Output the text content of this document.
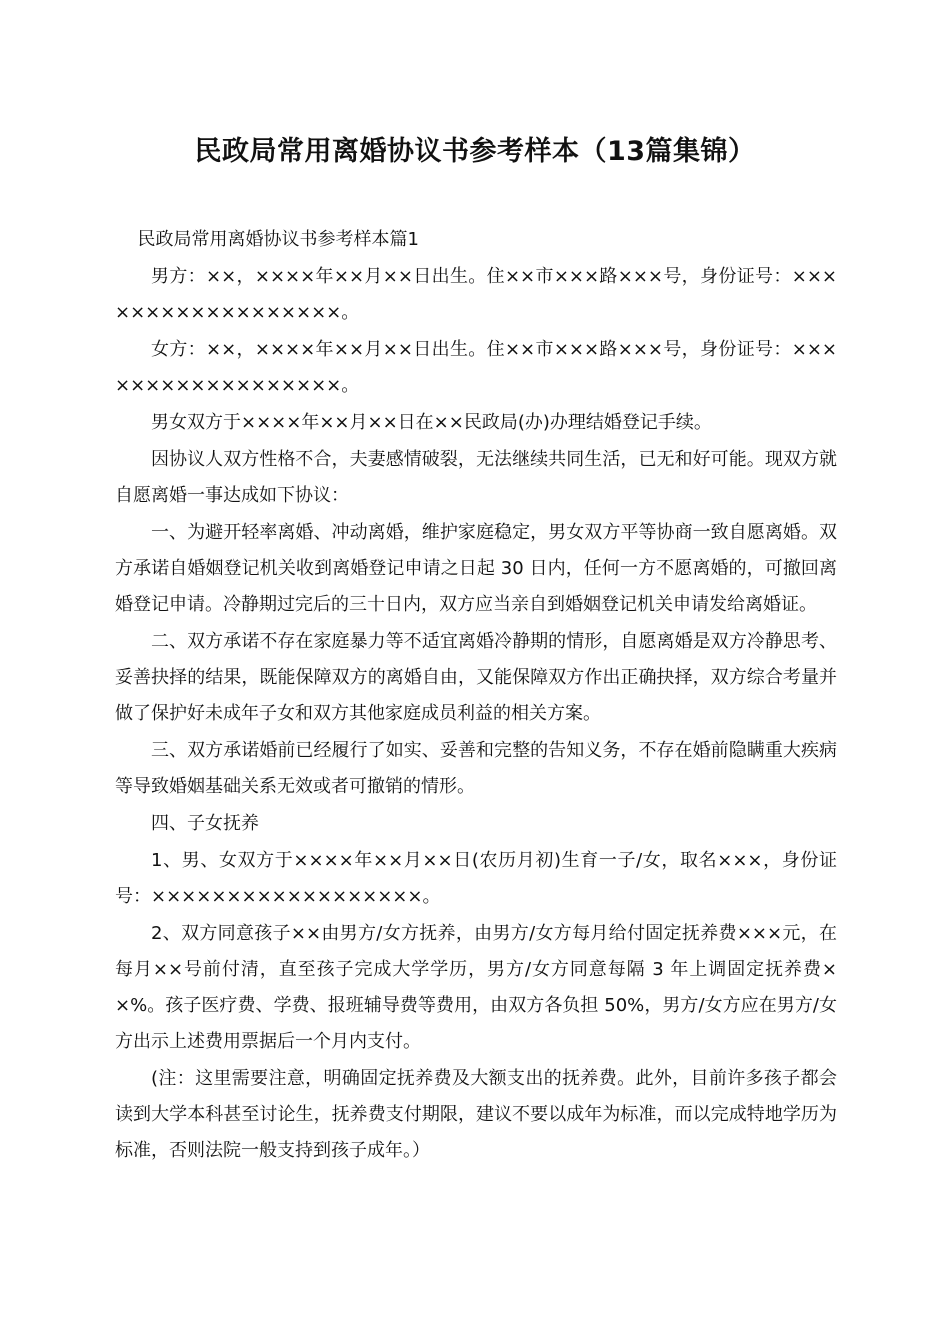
民政局常用离婚协议书参考样本（13篇集锦）

民政局常用离婚协议书参考样本篇1

男方：××，××××年××月××日出生。住××市×××路×××号，身份证号：××××××××××××××××××。

女方：××，××××年××月××日出生。住××市×××路×××号，身份证号：××××××××××××××××××。

男女双方于××××年××月××日在××民政局(办)办理结婚登记手续。

因协议人双方性格不合，夫妻感情破裂，无法继续共同生活，已无和好可能。现双方就自愿离婚一事达成如下协议：

一、为避开轻率离婚、冲动离婚，维护家庭稳定，男女双方平等协商一致自愿离婚。双方承诺自婚姻登记机关收到离婚登记申请之日起 30 日内，任何一方不愿离婚的，可撤回离婚登记申请。冷静期过完后的三十日内，双方应当亲自到婚姻登记机关申请发给离婚证。

二、双方承诺不存在家庭暴力等不适宜离婚冷静期的情形，自愿离婚是双方冷静思考、妥善抉择的结果，既能保障双方的离婚自由，又能保障双方作出正确抉择，双方综合考量并做了保护好未成年子女和双方其他家庭成员利益的相关方案。

三、双方承诺婚前已经履行了如实、妥善和完整的告知义务，不存在婚前隐瞒重大疾病等导致婚姻基础关系无效或者可撤销的情形。

四、子女抚养

1、男、女双方于××××年××月××日(农历月初)生育一子/女，取名×××，身份证号：××××××××××××××××××。

2、双方同意孩子××由男方/女方抚养，由男方/女方每月给付固定抚养费×××元，在每月××号前付清，直至孩子完成大学学历，男方/女方同意每隔 3 年上调固定抚养费××%。孩子医疗费、学费、报班辅导费等费用，由双方各负担 50%，男方/女方应在男方/女方出示上述费用票据后一个月内支付。

(注：这里需要注意，明确固定抚养费及大额支出的抚养费。此外，目前许多孩子都会读到大学本科甚至讨论生，抚养费支付期限，建议不要以成年为标准，而以完成特地学历为标准，否则法院一般支持到孩子成年。）
